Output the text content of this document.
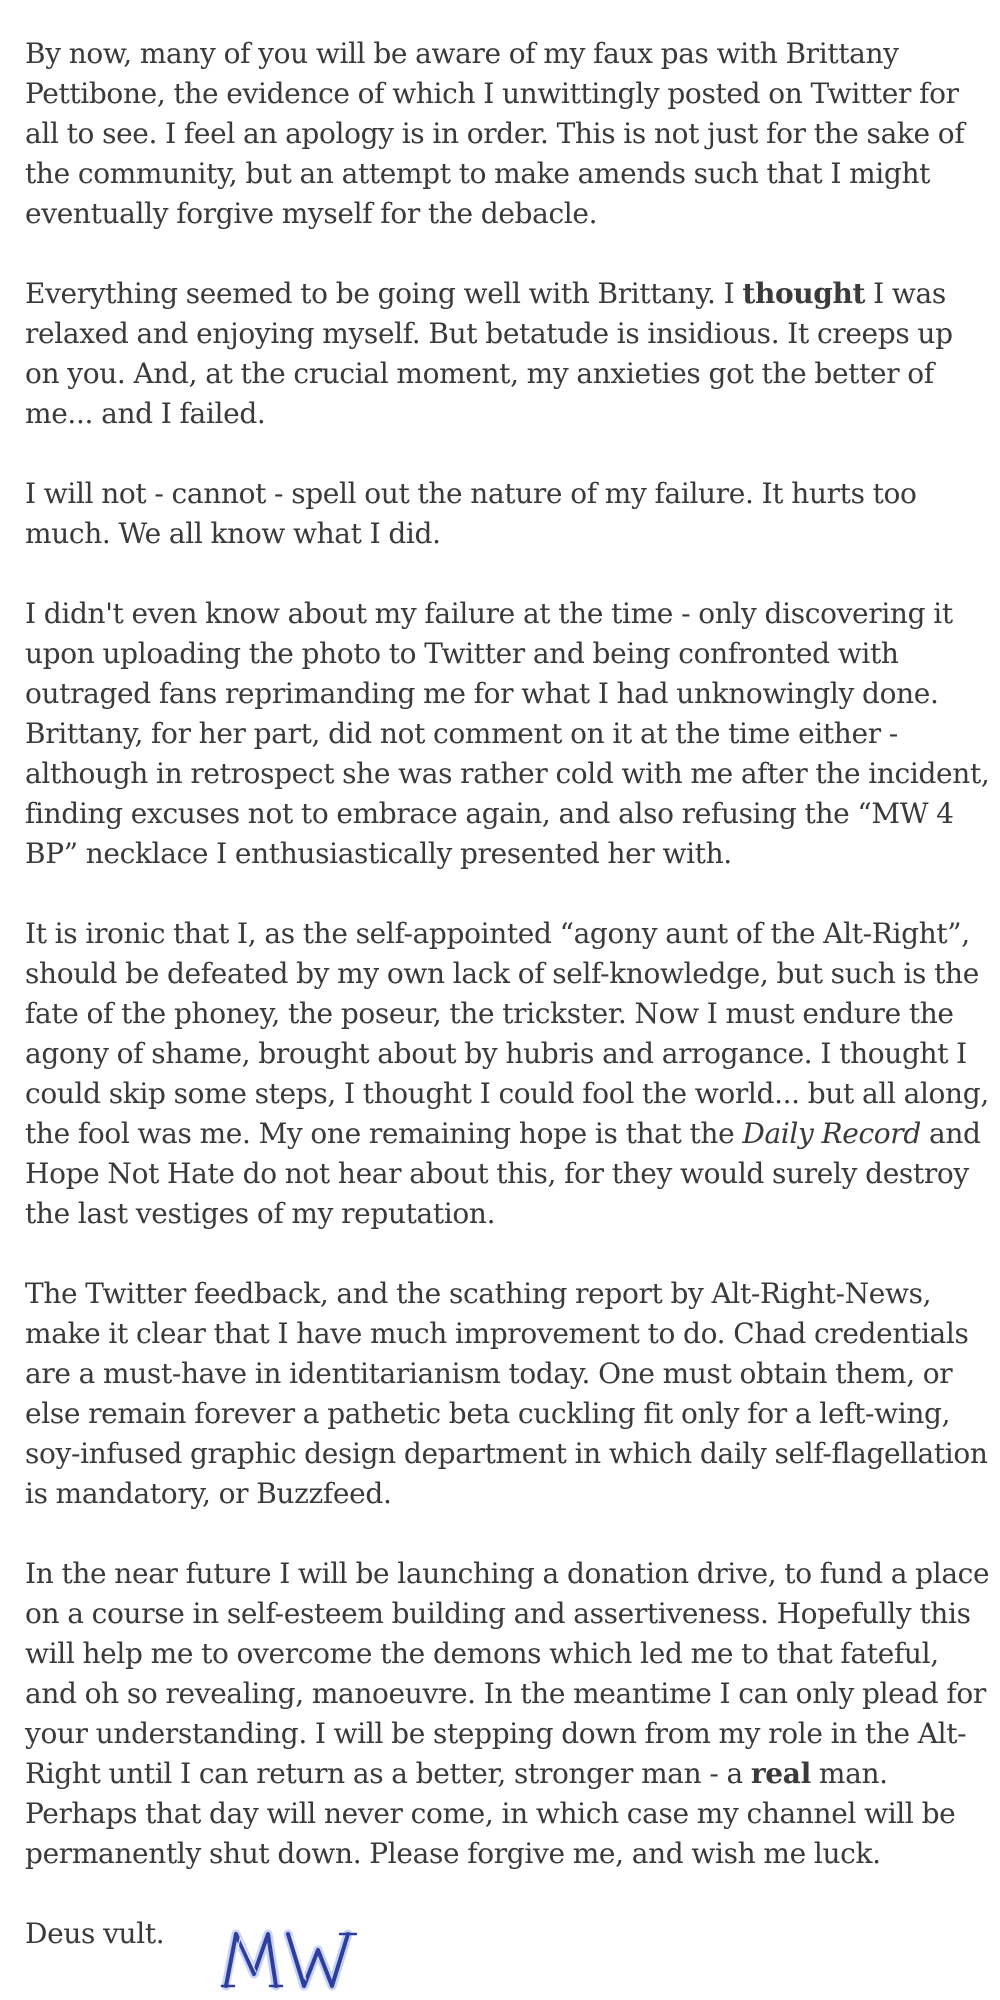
By now, many of you will be aware of my faux pas with Brittany Pettibone, the evidence of which I unwittingly posted on Twitter for all to see. I feel an apology is in order. This is not just for the sake of the community, but an attempt to make amends such that I might eventually forgive myself for the debacle.

Everything seemed to be going well with Brittany. I thought I was relaxed and enjoying myself. But betatude is insidious. It creeps up on you. And, at the crucial moment, my anxieties got the better of me... and I failed.

I will not - cannot - spell out the nature of my failure. It hurts too much. We all know what I did.

I didn't even know about my failure at the time - only discovering it upon uploading the photo to Twitter and being confronted with outraged fans reprimanding me for what I had unknowingly done. Brittany, for her part, did not comment on it at the time either - although in retrospect she was rather cold with me after the incident, finding excuses not to embrace again, and also refusing the “MW 4 BP” necklace I enthusiastically presented her with.

It is ironic that I, as the self-appointed “agony aunt of the Alt-Right”, should be defeated by my own lack of self-knowledge, but such is the fate of the phoney, the poseur, the trickster. Now I must endure the agony of shame, brought about by hubris and arrogance. I thought I could skip some steps, I thought I could fool the world... but all along, the fool was me. My one remaining hope is that the Daily Record and Hope Not Hate do not hear about this, for they would surely destroy the last vestiges of my reputation.

The Twitter feedback, and the scathing report by Alt-Right-News, make it clear that I have much improvement to do. Chad credentials are a must-have in identitarianism today. One must obtain them, or else remain forever a pathetic beta cuckling fit only for a left-wing, soy-infused graphic design department in which daily self-flagellation is mandatory, or Buzzfeed.

In the near future I will be launching a donation drive, to fund a place on a course in self-esteem building and assertiveness. Hopefully this will help me to overcome the demons which led me to that fateful, and oh so revealing, manoeuvre. In the meantime I can only plead for your understanding. I will be stepping down from my role in the Alt-Right until I can return as a better, stronger man - a real man. Perhaps that day will never come, in which case my channel will be permanently shut down. Please forgive me, and wish me luck.

Deus vult.
